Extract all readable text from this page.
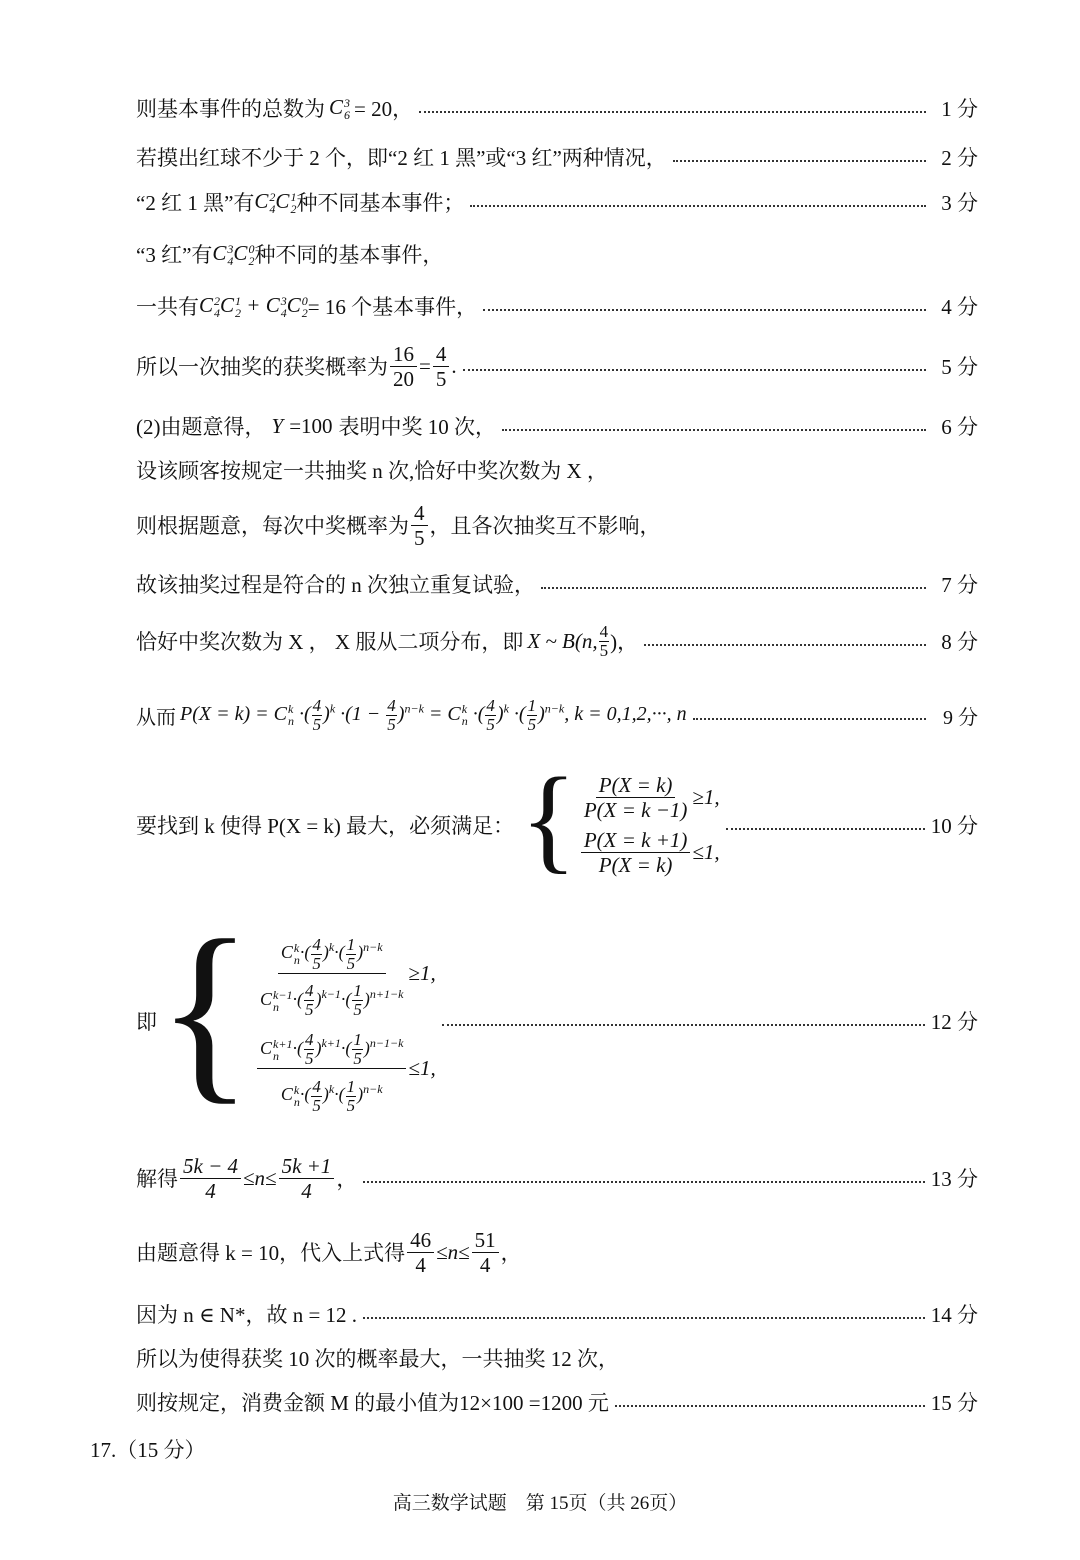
则基本事件的总数为 C 3
6 = 20，	1 分
若摸出红球不少于 2 个，即“2 红 1 黑”或“3 红”两种情况，	2 分
“2 红 1 黑”有 C 2
4 C 1
2 种不同基本事件；	3 分
“3 红”有 C 3
4 C 0
2 种不同的基本事件，
一共有 C 2
4 C 1
2 + C 3
4 C 0
2 = 16 个基本事件，	4 分
所以一次抽奖的获奖概率为 $\frac{16}{20} = \frac{4}{5}$ .	5 分
(2)由题意得， Y =100 表明中奖 10 次，	6 分
设该顾客按规定一共抽奖 n 次,恰好中奖次数为 X ，
则根据题意，每次中奖概率为 $\frac{4}{5}$ ，且各次抽奖互不影响，
故该抽奖过程是符合的 n 次独立重复试验，	7 分
恰好中奖次数为 X ， X 服从二项分布，即 X ~ B(n, $\frac{4}{5}$ )，	8 分
从而 P(X = k) = C k
n ·( $\frac{4}{5} )^k \cdot(1 - \frac{4}{5} )^{n-k} = C$ k
n ·( $\frac{4}{5} )^k$ ·( $\frac{1}{5} )^{n-k}$, k = 0,1,2,···, n	9 分
要找到 k 使得 P(X = k) 最大，必须满足： { $\frac{P(X = k)}{P(X = k -1)} \ge 1$,
$\frac{P(X = k +1)}{P(X = k)} \le 1$,
10 分
即 { C k
n ·( $\frac{4}{5} )^k\cdot( \frac{1}{5} )^{n-k}$
C k−1
n ·( $\frac{4}{5} )^{k-1}\cdot( \frac{1}{5} )^{n+1-k} \ge 1$,
C k+1
n ·( $\frac{4}{5} )^{k+1}\cdot( \frac{1}{5} )^{n-1-k}$
C k
n ·( $\frac{4}{5} )^k\cdot( \frac{1}{5} )^{n-k} \le 1$,
12 分
解得 $\frac{5k - 4}{4} \le n\le \frac{5k +1}{4}$ ，	13 分
由题意得 k = 10，代入上式得 $\frac{46}{4} \le n\le \frac{51}{4}$ ，
因为 n ∈ N*，故 n = 12 .	14 分
所以为使得获奖 10 次的概率最大，一共抽奖 12 次，
则按规定，消费金额 M 的最小值为12×100 =1200 元	15 分
17.（15 分）
高三数学试题　第 15页（共 26页）
